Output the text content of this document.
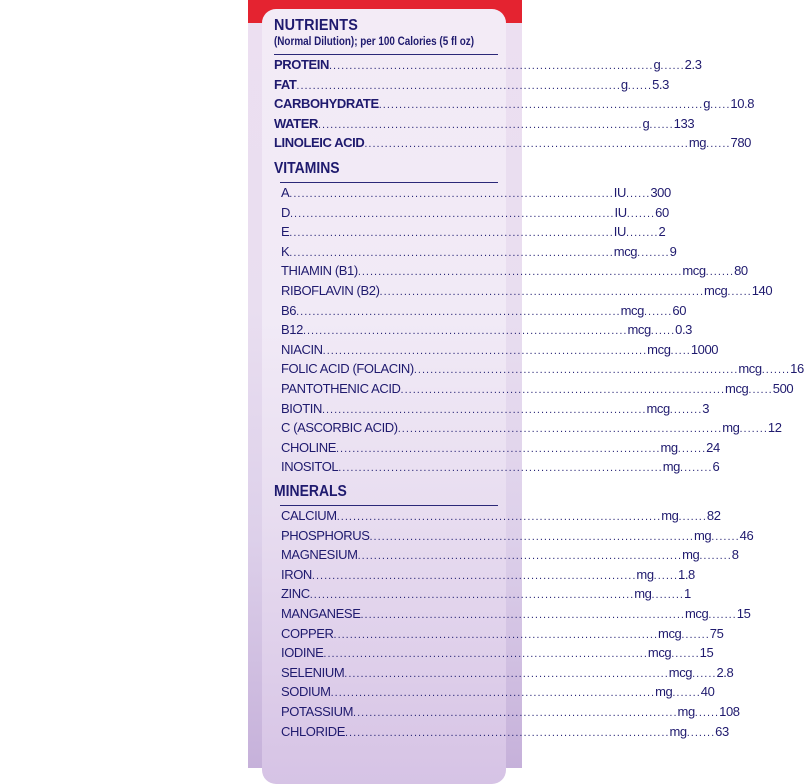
NUTRIENTS
(Normal Dilution); per 100 Calories (5 fl oz)
PROTEIN ................................................................................ g ...... 2.3
FAT ................................................................................ g ...... 5.3
CARBOHYDRATE ................................................................................ g ..... 10.8
WATER ................................................................................ g ...... 133
LINOLEIC ACID ................................................................................ mg ...... 780
VITAMINS
A ................................................................................ IU ...... 300
D ................................................................................ IU ....... 60
E ................................................................................ IU ........ 2
K ................................................................................ mcg ........ 9
THIAMIN (B1) ................................................................................ mcg ....... 80
RIBOFLAVIN (B2) ................................................................................ mcg ...... 140
B6 ................................................................................ mcg ....... 60
B12 ................................................................................ mcg ...... 0.3
NIACIN ................................................................................ mcg ..... 1000
FOLIC ACID (FOLACIN) ................................................................................ mcg ....... 16
PANTOTHENIC ACID ................................................................................ mcg ...... 500
BIOTIN ................................................................................ mcg ........ 3
C (ASCORBIC ACID) ................................................................................ mg ....... 12
CHOLINE ................................................................................ mg ....... 24
INOSITOL ................................................................................ mg ........ 6
MINERALS
CALCIUM ................................................................................ mg ....... 82
PHOSPHORUS ................................................................................ mg ....... 46
MAGNESIUM ................................................................................ mg ........ 8
IRON ................................................................................ mg ...... 1.8
ZINC ................................................................................ mg ........ 1
MANGANESE ................................................................................ mcg ....... 15
COPPER ................................................................................ mcg ....... 75
IODINE ................................................................................ mcg ....... 15
SELENIUM ................................................................................ mcg ...... 2.8
SODIUM ................................................................................ mg ....... 40
POTASSIUM ................................................................................ mg ...... 108
CHLORIDE ................................................................................ mg ....... 63
